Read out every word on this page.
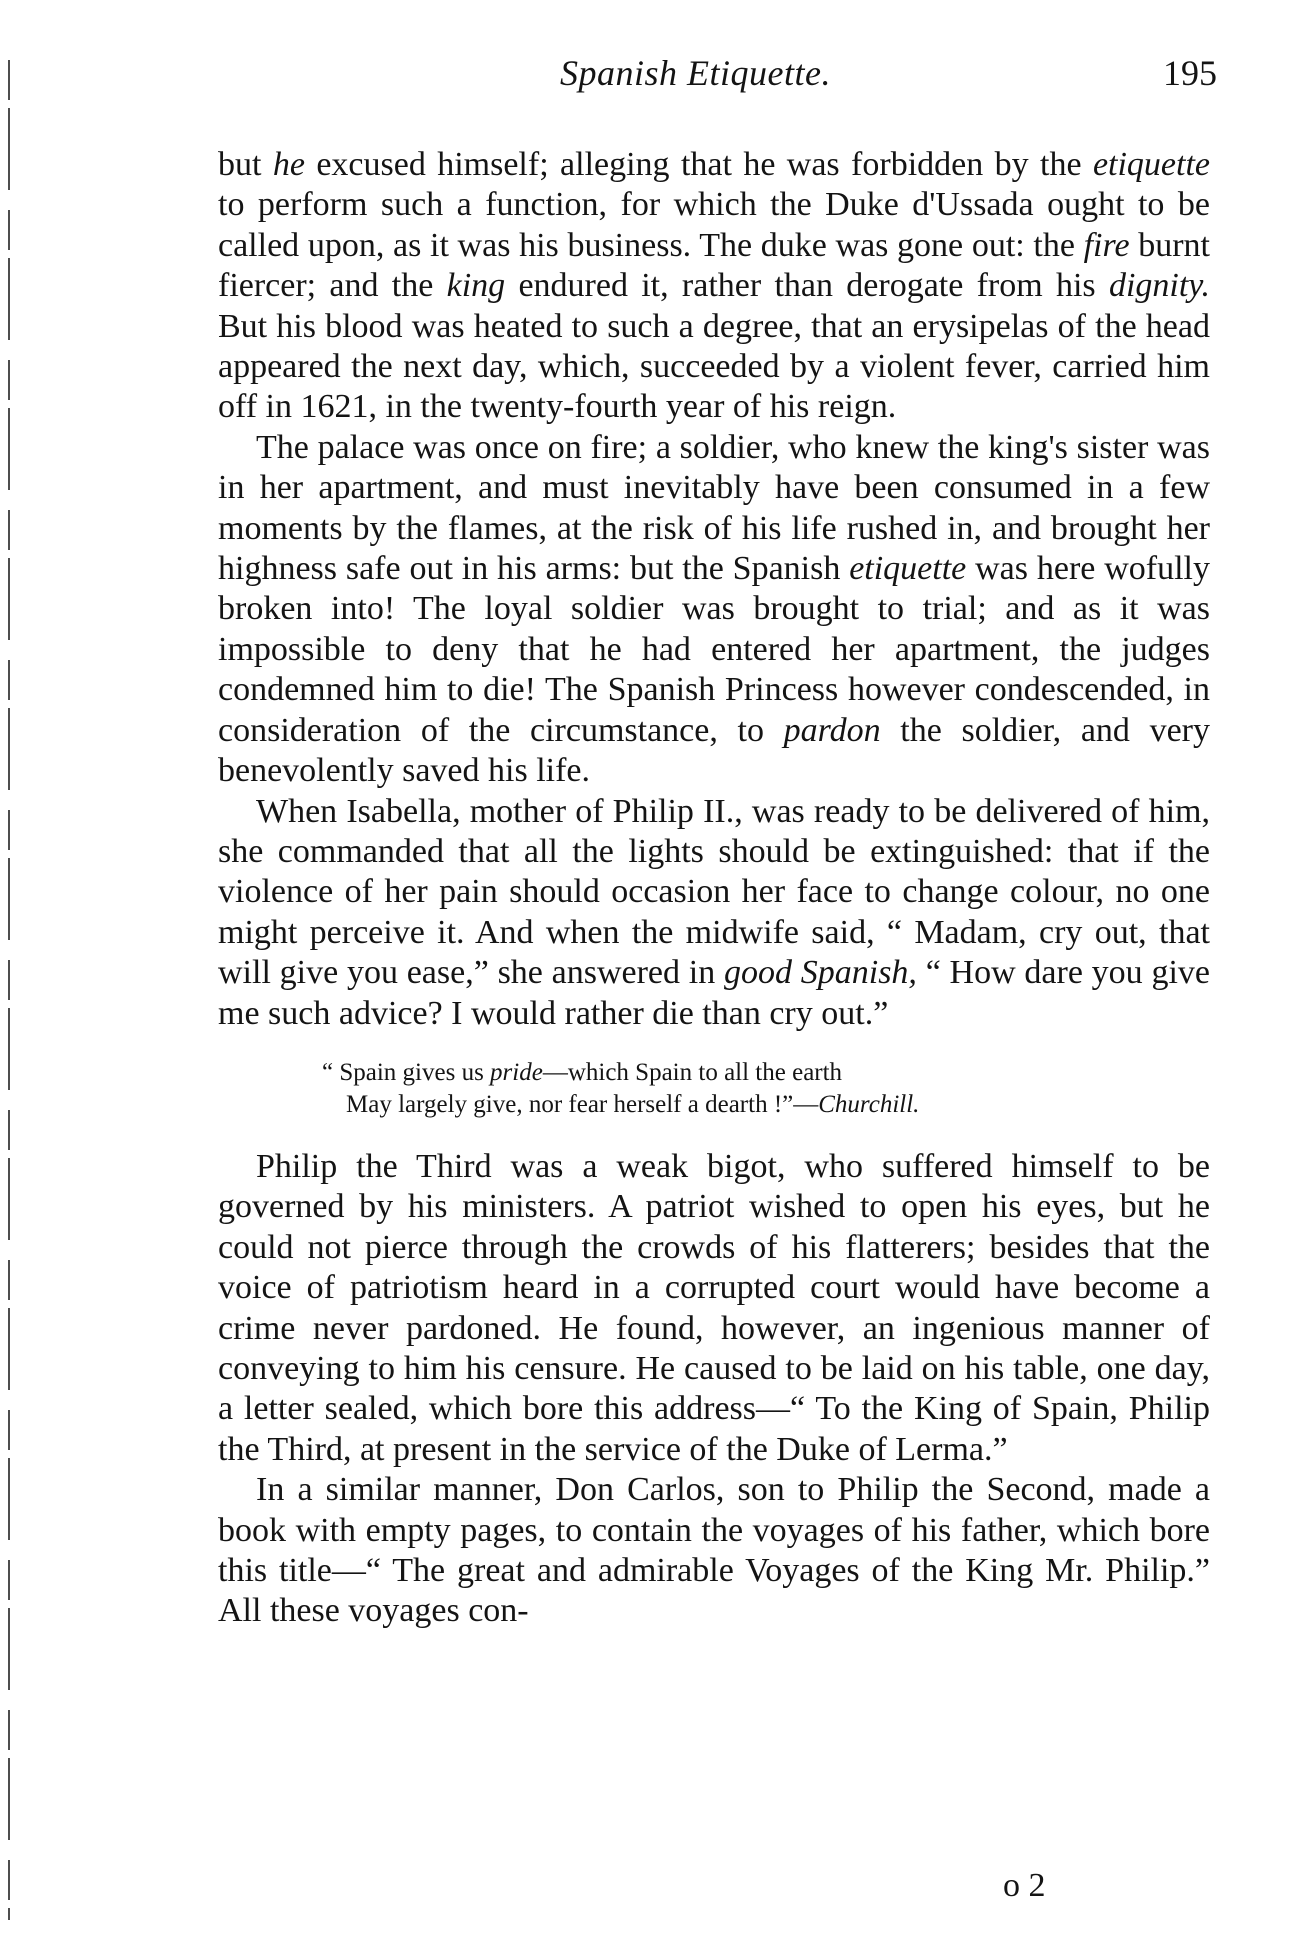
Spanish Etiquette.	195

but he excused himself; alleging that he was forbidden by the etiquette to perform such a function, for which the Duke d'Ussada ought to be called upon, as it was his business. The duke was gone out: the fire burnt fiercer; and the king endured it, rather than derogate from his dignity. But his blood was heated to such a degree, that an erysipelas of the head appeared the next day, which, succeeded by a violent fever, carried him off in 1621, in the twenty-fourth year of his reign.

The palace was once on fire; a soldier, who knew the king's sister was in her apartment, and must inevitably have been consumed in a few moments by the flames, at the risk of his life rushed in, and brought her highness safe out in his arms: but the Spanish etiquette was here wofully broken into! The loyal soldier was brought to trial; and as it was impossible to deny that he had entered her apartment, the judges condemned him to die! The Spanish Princess however condescended, in consideration of the circumstance, to pardon the soldier, and very benevolently saved his life.

When Isabella, mother of Philip II., was ready to be delivered of him, she commanded that all the lights should be extinguished: that if the violence of her pain should occasion her face to change colour, no one might perceive it. And when the midwife said, “ Madam, cry out, that will give you ease,” she answered in good Spanish, “ How dare you give me such advice? I would rather die than cry out.”

“ Spain gives us pride—which Spain to all the earth
May largely give, nor fear herself a dearth !”—Churchill.

Philip the Third was a weak bigot, who suffered himself to be governed by his ministers. A patriot wished to open his eyes, but he could not pierce through the crowds of his flatterers; besides that the voice of patriotism heard in a corrupted court would have become a crime never pardoned. He found, however, an ingenious manner of conveying to him his censure. He caused to be laid on his table, one day, a letter sealed, which bore this address—“ To the King of Spain, Philip the Third, at present in the service of the Duke of Lerma.”

In a similar manner, Don Carlos, son to Philip the Second, made a book with empty pages, to contain the voyages of his father, which bore this title—“ The great and admirable Voyages of the King Mr. Philip.” All these voyages con-

o 2
